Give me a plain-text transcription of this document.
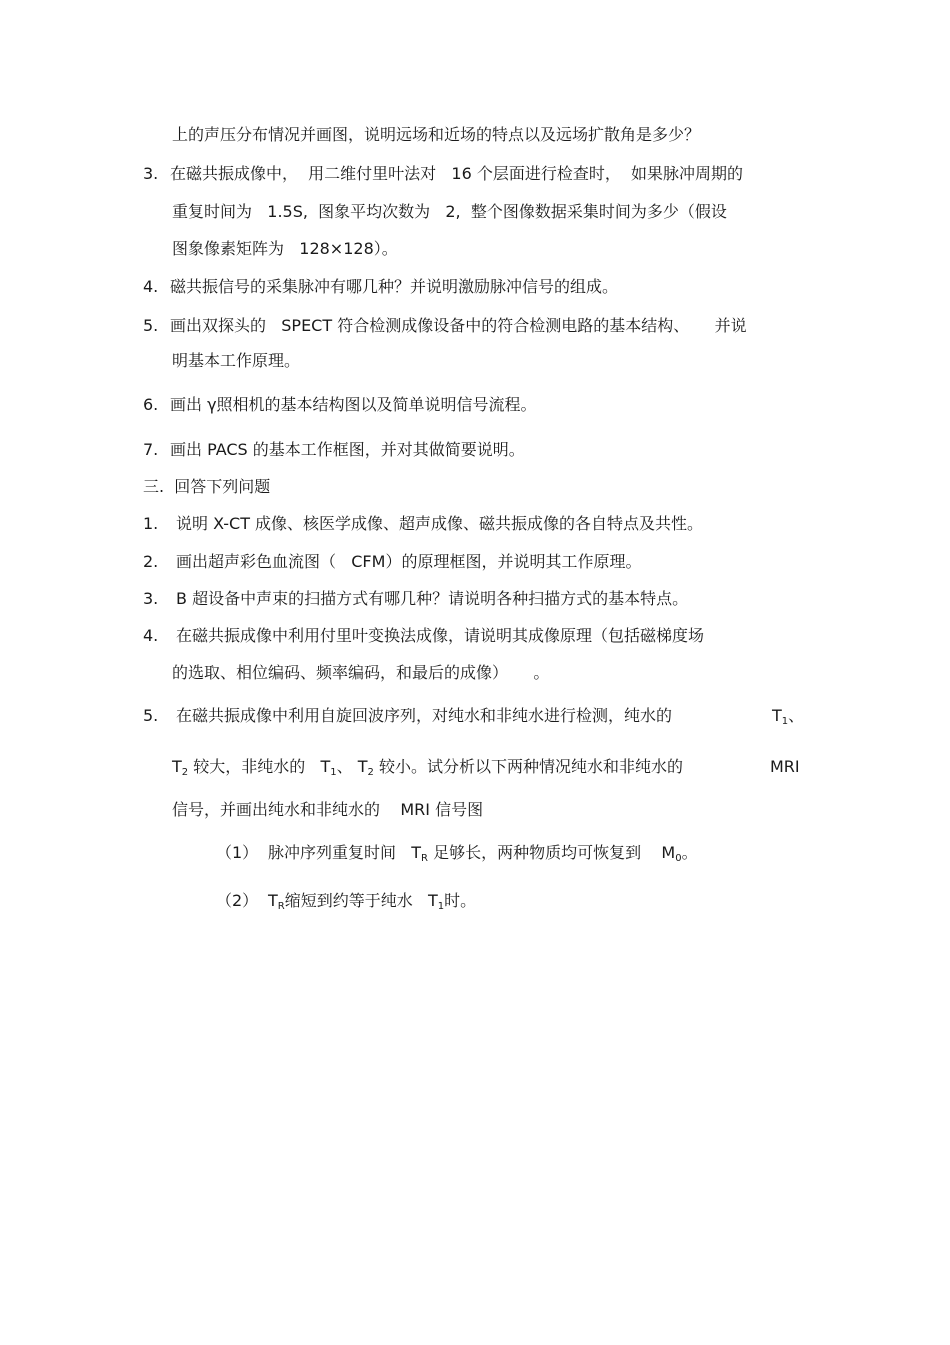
上的声压分布情况并画图，说明远场和近场的特点以及远场扩散角是多少？
3. 在磁共振成像中，  用二维付里叶法对   16 个层面进行检查时，  如果脉冲周期的
重复时间为   1.5S,  图象平均次数为   2,  整个图像数据采集时间为多少（假设
图象像素矩阵为   128×128）。
4. 磁共振信号的采集脉冲有哪几种？并说明激励脉冲信号的组成。
5. 画出双探头的   SPECT 符合检测成像设备中的符合检测电路的基本结构、     并说
明基本工作原理。
6. 画出 γ照相机的基本结构图以及简单说明信号流程。
7. 画出 PACS 的基本工作框图，并对其做简要说明。
三.  回答下列问题
1. 说明 X-CT 成像、核医学成像、超声成像、磁共振成像的各自特点及共性。
2. 画出超声彩色血流图（   CFM）的原理框图，并说明其工作原理。
3. B 超设备中声束的扫描方式有哪几种？请说明各种扫描方式的基本特点。
4. 在磁共振成像中利用付里叶变换法成像，请说明其成像原理（包括磁梯度场
的选取、相位编码、频率编码，和最后的成像）     。
5. 在磁共振成像中利用自旋回波序列，对纯水和非纯水进行检测，纯水的	$T_1$、
$T_2$ 较大，非纯水的   $T_1$、 $T_2$ 较小。试分析以下两种情况纯水和非纯水的	MRI
信号，并画出纯水和非纯水的    MRI 信号图
（1） 脉冲序列重复时间   $T_R$ 足够长，两种物质均可恢复到    $M_0$。
（2） $T_R$缩短到约等于纯水   $T_1$时。
